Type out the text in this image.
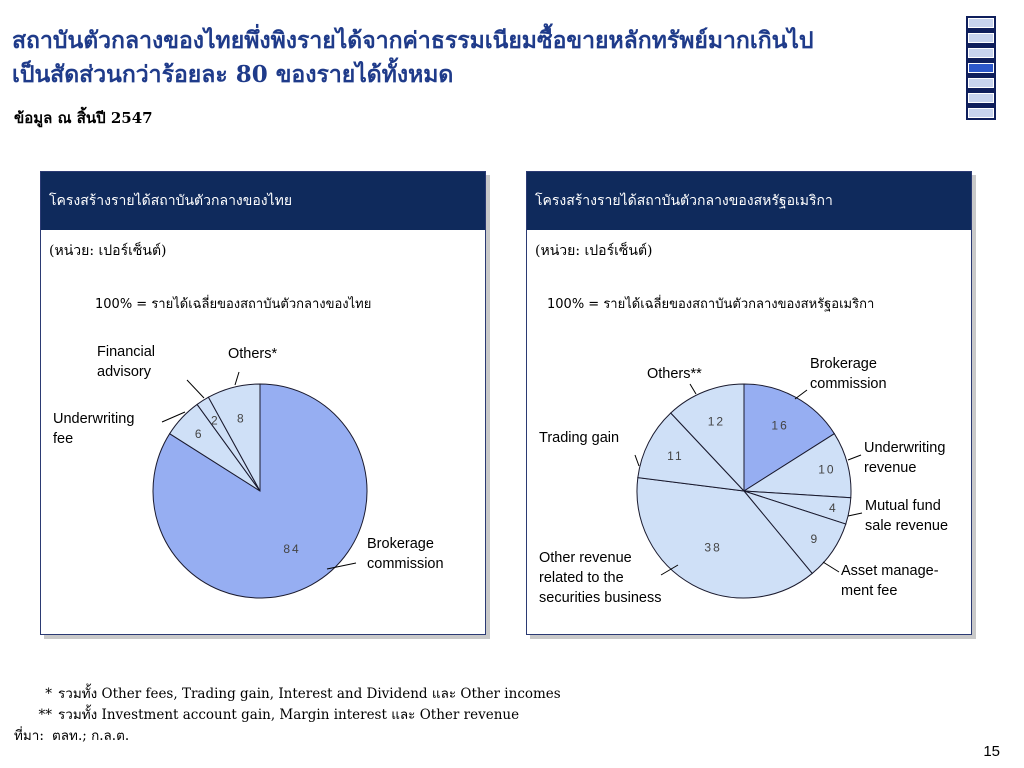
สถาบันตัวกลางของไทยพึ่งพิงรายได้จากค่าธรรมเนียมซื้อขายหลักทรัพย์มากเกินไป
เป็นสัดส่วนกว่าร้อยละ 80 ของรายได้ทั้งหมด
ข้อมูล ณ สิ้นปี 2547
โครงสร้างรายได้สถาบันตัวกลางของไทย
(หน่วย: เปอร์เซ็นต์)
100% = รายได้เฉลี่ยของสถาบันตัวกลางของไทย
84	Brokerage commission
6
Underwriting fee
2
Financial advisory
8
Others*
โครงสร้างรายได้สถาบันตัวกลางของสหรัฐอเมริกา
(หน่วย: เปอร์เซ็นต์)
100% = รายได้เฉลี่ยของสถาบันตัวกลางของสหรัฐอเมริกา
16
Brokerage commission
10
Underwriting revenue
4 Mutual fund sale revenue
9
Asset manage-ment fee
38
Other revenue related to the securities business
11
Trading gain
12
Others**
* รวมทั้ง
Other fees, Trading gain, Interest and Dividend และ Other incomes
** รวมทั้ง
Investment account gain, Margin interest และ Other revenue
ที่มา: ตลท.; ก.ล.ต.
15
